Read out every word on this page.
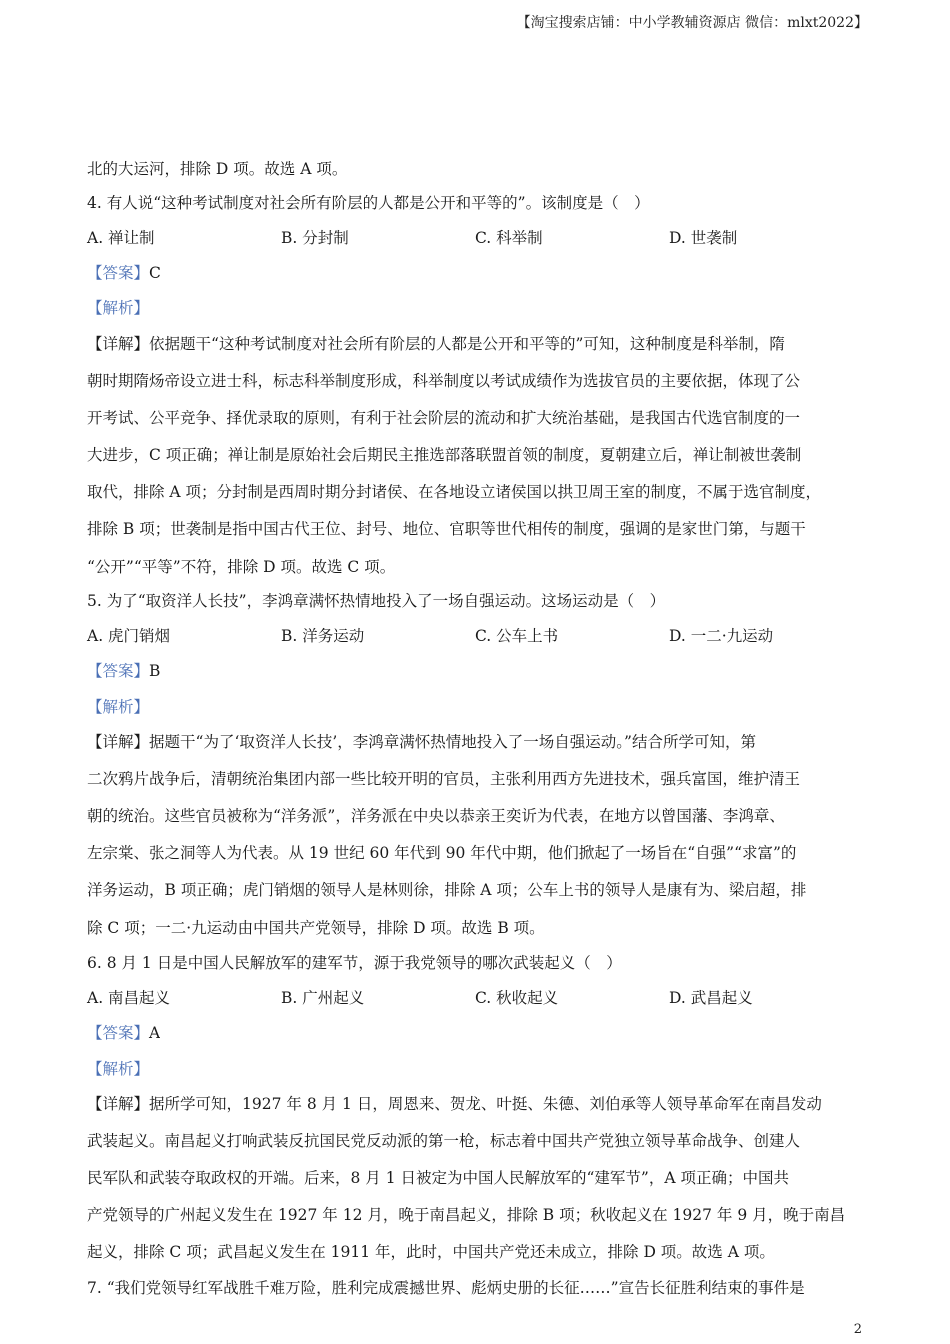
【淘宝搜索店铺：中小学教辅资源店 微信：mlxt2022】
北的大运河，排除 D 项。故选 A 项。
4. 有人说“这种考试制度对社会所有阶层的人都是公开和平等的”。该制度是（　）
A. 禅让制	B. 分封制	C. 科举制	D. 世袭制
【答案】C
【解析】
【详解】依据题干“这种考试制度对社会所有阶层的人都是公开和平等的”可知，这种制度是科举制，隋
朝时期隋炀帝设立进士科，标志科举制度形成，科举制度以考试成绩作为选拔官员的主要依据，体现了公
开考试、公平竞争、择优录取的原则，有利于社会阶层的流动和扩大统治基础，是我国古代选官制度的一
大进步，C 项正确；禅让制是原始社会后期民主推选部落联盟首领的制度，夏朝建立后，禅让制被世袭制
取代，排除 A 项；分封制是西周时期分封诸侯、在各地设立诸侯国以拱卫周王室的制度，不属于选官制度，
排除 B 项；世袭制是指中国古代王位、封号、地位、官职等世代相传的制度，强调的是家世门第，与题干
“公开”“平等”不符，排除 D 项。故选 C 项。
5. 为了“取资洋人长技”，李鸿章满怀热情地投入了一场自强运动。这场运动是（　）
A. 虎门销烟	B. 洋务运动	C. 公车上书	D. 一二·九运动
【答案】B
【解析】
【详解】据题干“为了‘取资洋人长技’，李鸿章满怀热情地投入了一场自强运动。”结合所学可知，第
二次鸦片战争后，清朝统治集团内部一些比较开明的官员，主张利用西方先进技术，强兵富国，维护清王
朝的统治。这些官员被称为“洋务派”，洋务派在中央以恭亲王奕䜣为代表，在地方以曾国藩、李鸿章、
左宗棠、张之洞等人为代表。从 19 世纪 60 年代到 90 年代中期，他们掀起了一场旨在“自强”“求富”的
洋务运动，B 项正确；虎门销烟的领导人是林则徐，排除 A 项；公车上书的领导人是康有为、梁启超，排
除 C 项；一二·九运动由中国共产党领导，排除 D 项。故选 B 项。
6. 8 月 1 日是中国人民解放军的建军节，源于我党领导的哪次武装起义（　）
A. 南昌起义	B. 广州起义	C. 秋收起义	D. 武昌起义
【答案】A
【解析】
【详解】据所学可知，1927 年 8 月 1 日，周恩来、贺龙、叶挺、朱德、刘伯承等人领导革命军在南昌发动
武装起义。南昌起义打响武装反抗国民党反动派的第一枪，标志着中国共产党独立领导革命战争、创建人
民军队和武装夺取政权的开端。后来，8 月 1 日被定为中国人民解放军的“建军节”，A 项正确；中国共
产党领导的广州起义发生在 1927 年 12 月，晚于南昌起义，排除 B 项；秋收起义在 1927 年 9 月，晚于南昌
起义，排除 C 项；武昌起义发生在 1911 年，此时，中国共产党还未成立，排除 D 项。故选 A 项。
7. “我们党领导红军战胜千难万险，胜利完成震撼世界、彪炳史册的长征……”宣告长征胜利结束的事件是
2
